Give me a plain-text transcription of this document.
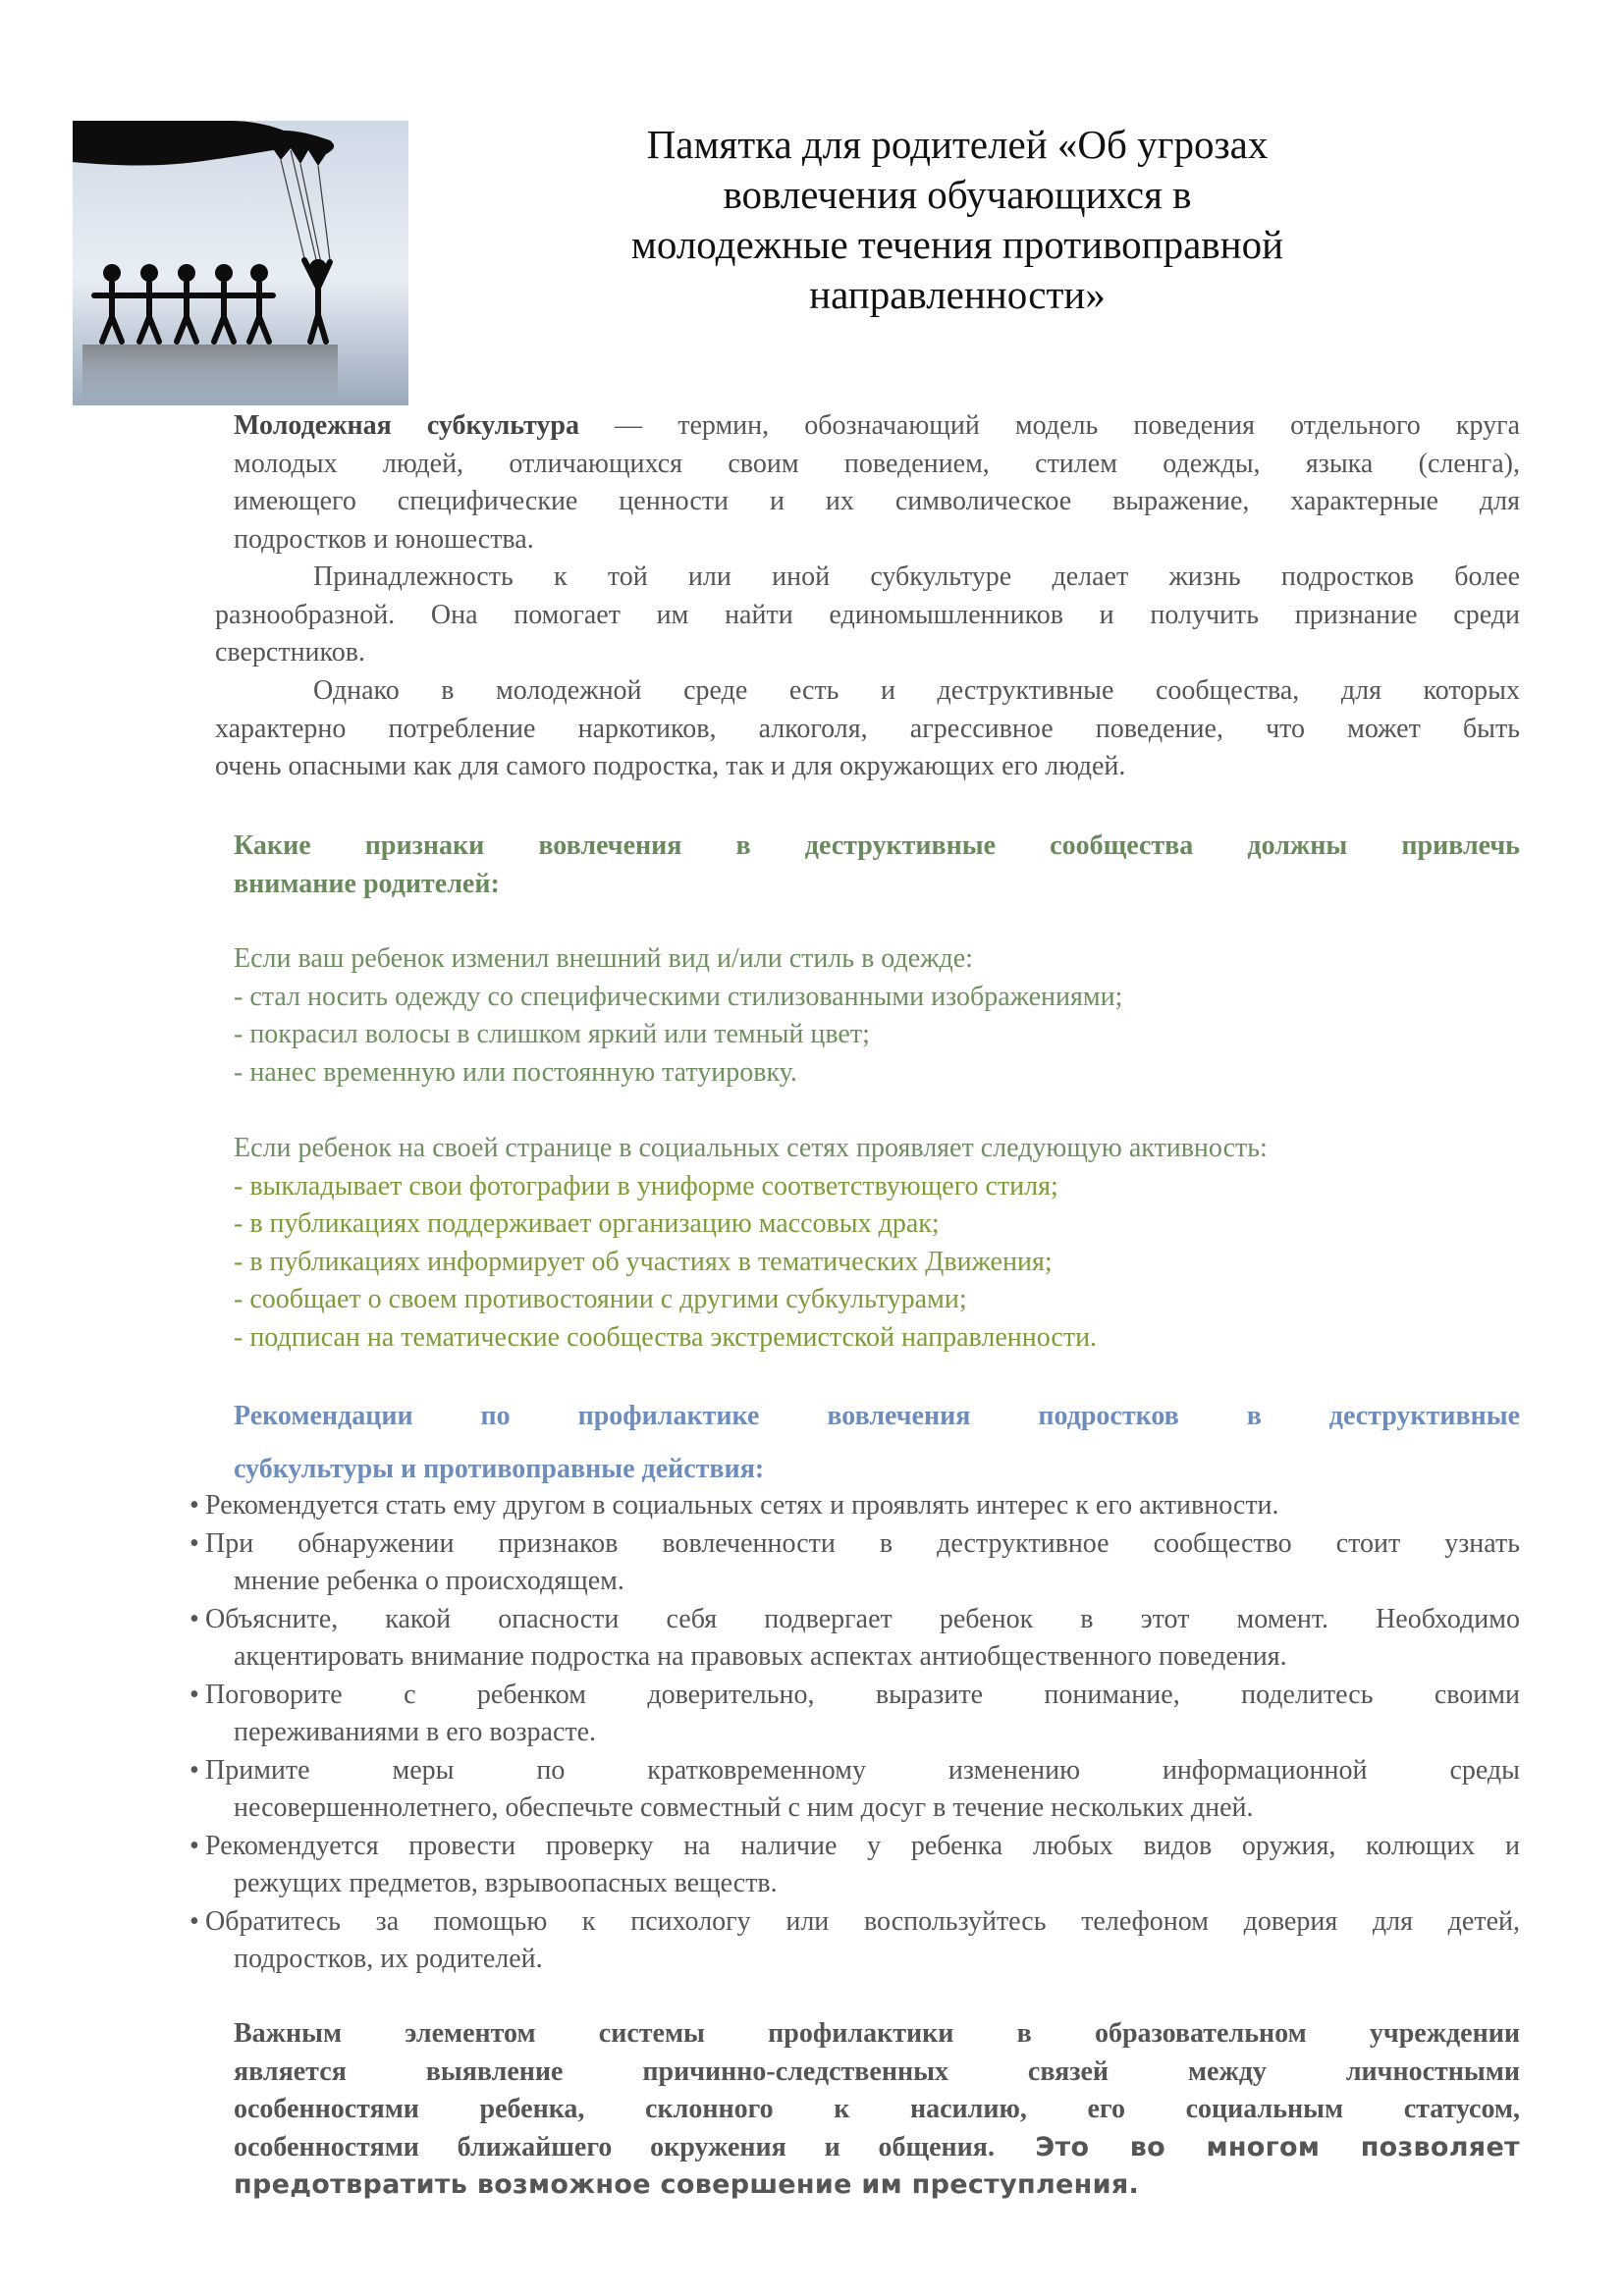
Памятка для родителей «Об угрозах
вовлечения обучающихся в
молодежные течения противоправной
направленности»
Молодежная субкультура — термин, обозначающий модель поведения отдельного круга
молодых людей, отличающихся своим поведением, стилем одежды, языка (сленга),
имеющего специфические ценности и их символическое выражение, характерные для
подростков и юношества.
Принадлежность к той или иной субкультуре делает жизнь подростков более
разнообразной. Она помогает им найти единомышленников и получить признание среди
сверстников.
Однако в молодежной среде есть и деструктивные сообщества, для которых
характерно потребление наркотиков, алкоголя, агрессивное поведение, что может быть
очень опасными как для самого подростка, так и для окружающих его людей.
Какие признаки вовлечения в деструктивные сообщества должны привлечь
внимание родителей:
Если ваш ребенок изменил внешний вид и/или стиль в одежде:
- стал носить одежду со специфическими стилизованными изображениями;
- покрасил волосы в слишком яркий или темный цвет;
- нанес временную или постоянную татуировку.
Если ребенок на своей странице в социальных сетях проявляет следующую активность:
- выкладывает свои фотографии в униформе соответствующего стиля;
- в публикациях поддерживает организацию массовых драк;
- в публикациях информирует об участиях в тематических Движения;
- сообщает о своем противостоянии с другими субкультурами;
- подписан на тематические сообщества экстремистской направленности.
Рекомендации по профилактике вовлечения подростков в деструктивные
субкультуры и противоправные действия:
• Рекомендуется стать ему другом в социальных сетях и проявлять интерес к его активности.
• При обнаружении признаков вовлеченности в деструктивное сообщество стоит узнать
мнение ребенка о происходящем.
• Объясните, какой опасности себя подвергает ребенок в этот момент. Необходимо
акцентировать внимание подростка на правовых аспектах антиобщественного поведения.
• Поговорите с ребенком доверительно, выразите понимание, поделитесь своими
переживаниями в его возрасте.
• Примите меры по кратковременному изменению информационной среды
несовершеннолетнего, обеспечьте совместный с ним досуг в течение нескольких дней.
• Рекомендуется провести проверку на наличие у ребенка любых видов оружия, колющих и
режущих предметов, взрывоопасных веществ.
• Обратитесь за помощью к психологу или воспользуйтесь телефоном доверия для детей,
подростков, их родителей.
Важным элементом системы профилактики в образовательном учреждении
является выявление причинно-следственных связей между личностными
особенностями ребенка, склонного к насилию, его социальным статусом,
особенностями ближайшего окружения и общения. Это во многом позволяет
предотвратить возможное совершение им преступления.
